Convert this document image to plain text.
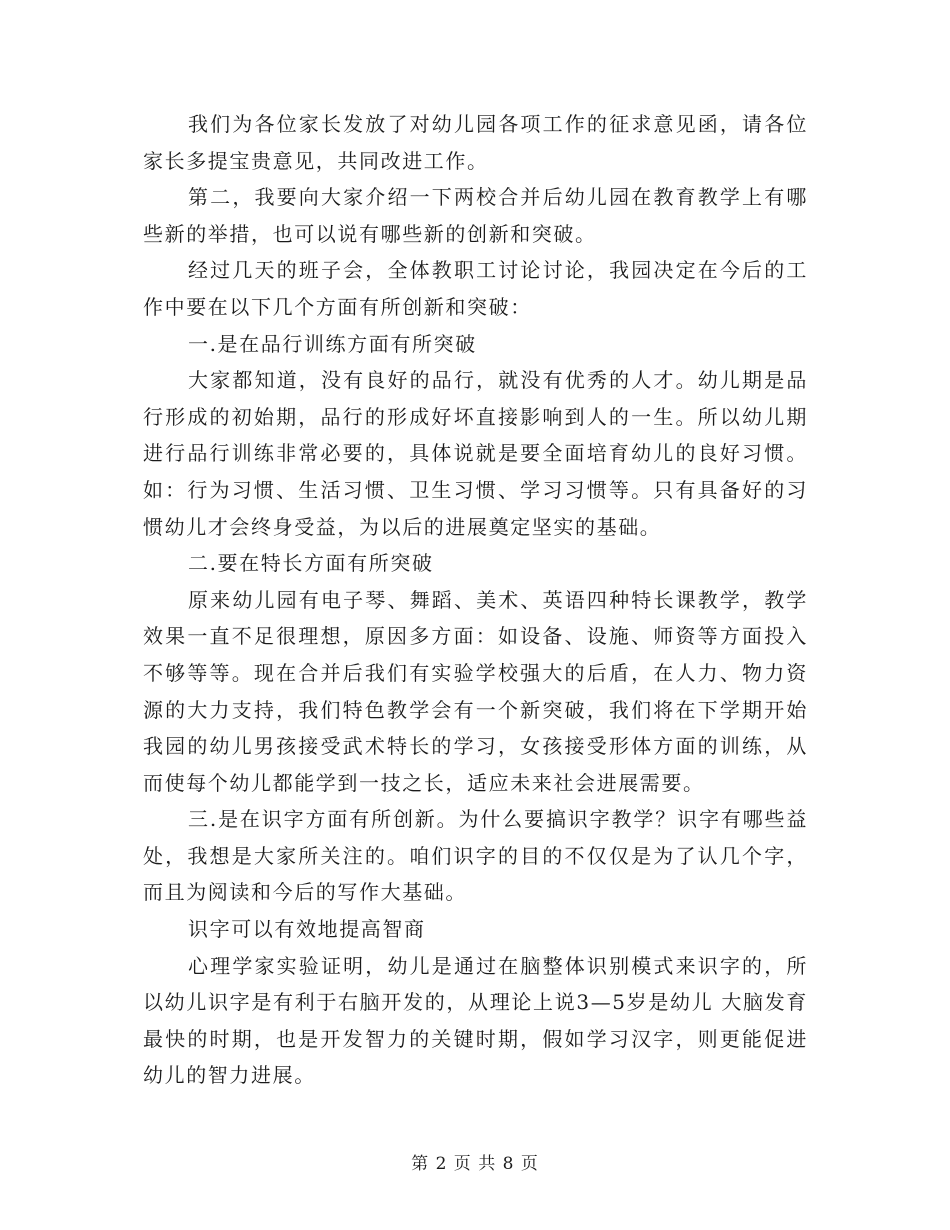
我们为各位家长发放了对幼儿园各项工作的征求意见函，请各位家长多提宝贵意见，共同改进工作。

第二，我要向大家介绍一下两校合并后幼儿园在教育教学上有哪些新的举措，也可以说有哪些新的创新和突破。

经过几天的班子会，全体教职工讨论讨论，我园决定在今后的工作中要在以下几个方面有所创新和突破：

一.是在品行训练方面有所突破

大家都知道，没有良好的品行，就没有优秀的人才。幼儿期是品行形成的初始期，品行的形成好坏直接影响到人的一生。所以幼儿期进行品行训练非常必要的，具体说就是要全面培育幼儿的良好习惯。如：行为习惯、生活习惯、卫生习惯、学习习惯等。只有具备好的习惯幼儿才会终身受益，为以后的进展奠定坚实的基础。

二.要在特长方面有所突破

原来幼儿园有电子琴、舞蹈、美术、英语四种特长课教学，教学效果一直不足很理想，原因多方面：如设备、设施、师资等方面投入不够等等。现在合并后我们有实验学校强大的后盾，在人力、物力资源的大力支持，我们特色教学会有一个新突破，我们将在下学期开始我园的幼儿男孩接受武术特长的学习，女孩接受形体方面的训练，从而使每个幼儿都能学到一技之长，适应未来社会进展需要。

三.是在识字方面有所创新。为什么要搞识字教学？识字有哪些益处，我想是大家所关注的。咱们识字的目的不仅仅是为了认几个字，而且为阅读和今后的写作大基础。

识字可以有效地提高智商

心理学家实验证明，幼儿是通过在脑整体识别模式来识字的，所以幼儿识字是有利于右脑开发的，从理论上说3—5岁是幼儿 大脑发育最快的时期，也是开发智力的关键时期，假如学习汉字，则更能促进幼儿的智力进展。

第 2 页 共 8 页
